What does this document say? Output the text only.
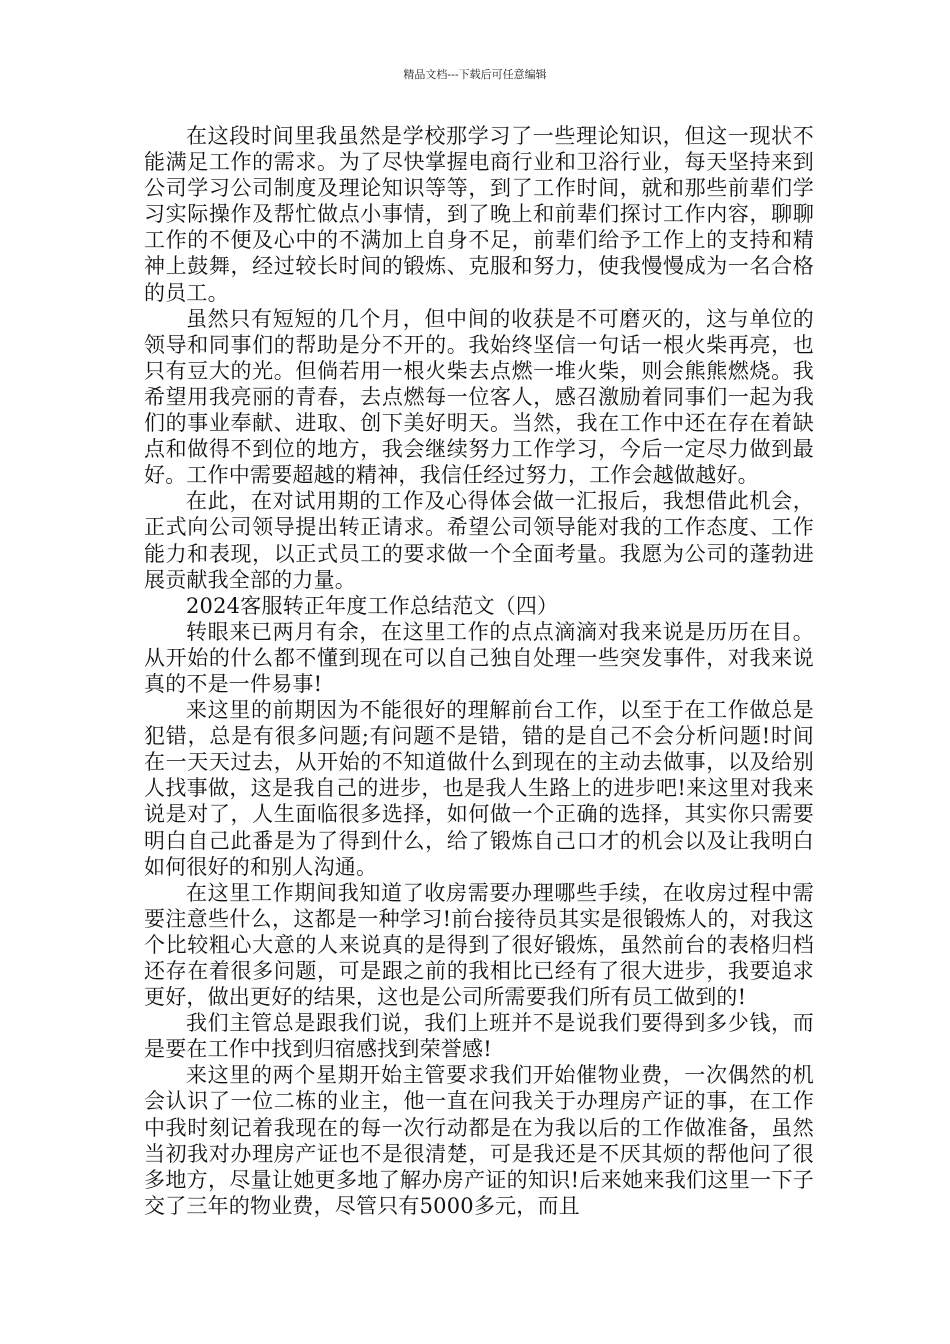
精品文档---下载后可任意编辑

在这段时间里我虽然是学校那学习了一些理论知识，但这一现状不能满足工作的需求。为了尽快掌握电商行业和卫浴行业，每天坚持来到公司学习公司制度及理论知识等等，到了工作时间，就和那些前辈们学习实际操作及帮忙做点小事情，到了晚上和前辈们探讨工作内容，聊聊工作的不便及心中的不满加上自身不足，前辈们给予工作上的支持和精神上鼓舞，经过较长时间的锻炼、克服和努力，使我慢慢成为一名合格的员工。

虽然只有短短的几个月，但中间的收获是不可磨灭的，这与单位的领导和同事们的帮助是分不开的。我始终坚信一句话一根火柴再亮，也只有豆大的光。但倘若用一根火柴去点燃一堆火柴，则会熊熊燃烧。我希望用我亮丽的青春，去点燃每一位客人，感召激励着同事们一起为我们的事业奉献、进取、创下美好明天。当然，我在工作中还在存在着缺点和做得不到位的地方，我会继续努力工作学习，今后一定尽力做到最好。工作中需要超越的精神，我信任经过努力，工作会越做越好。

在此，在对试用期的工作及心得体会做一汇报后，我想借此机会，正式向公司领导提出转正请求。希望公司领导能对我的工作态度、工作能力和表现，以正式员工的要求做一个全面考量。我愿为公司的蓬勃进展贡献我全部的力量。

2024客服转正年度工作总结范文（四）

转眼来已两月有余，在这里工作的点点滴滴对我来说是历历在目。从开始的什么都不懂到现在可以自己独自处理一些突发事件，对我来说真的不是一件易事!

来这里的前期因为不能很好的理解前台工作，以至于在工作做总是犯错，总是有很多问题;有问题不是错，错的是自己不会分析问题!时间在一天天过去，从开始的不知道做什么到现在的主动去做事，以及给别人找事做，这是我自己的进步，也是我人生路上的进步吧!来这里对我来说是对了，人生面临很多选择，如何做一个正确的选择，其实你只需要明白自己此番是为了得到什么，给了锻炼自己口才的机会以及让我明白如何很好的和别人沟通。

在这里工作期间我知道了收房需要办理哪些手续，在收房过程中需要注意些什么，这都是一种学习!前台接待员其实是很锻炼人的，对我这个比较粗心大意的人来说真的是得到了很好锻炼，虽然前台的表格归档还存在着很多问题，可是跟之前的我相比已经有了很大进步，我要追求更好，做出更好的结果，这也是公司所需要我们所有员工做到的!

我们主管总是跟我们说，我们上班并不是说我们要得到多少钱，而是要在工作中找到归宿感找到荣誉感!

来这里的两个星期开始主管要求我们开始催物业费，一次偶然的机会认识了一位二栋的业主，他一直在问我关于办理房产证的事，在工作中我时刻记着我现在的每一次行动都是在为我以后的工作做准备，虽然当初我对办理房产证也不是很清楚，可是我还是不厌其烦的帮他问了很多地方，尽量让她更多地了解办房产证的知识!后来她来我们这里一下子交了三年的物业费，尽管只有5000多元，而且
